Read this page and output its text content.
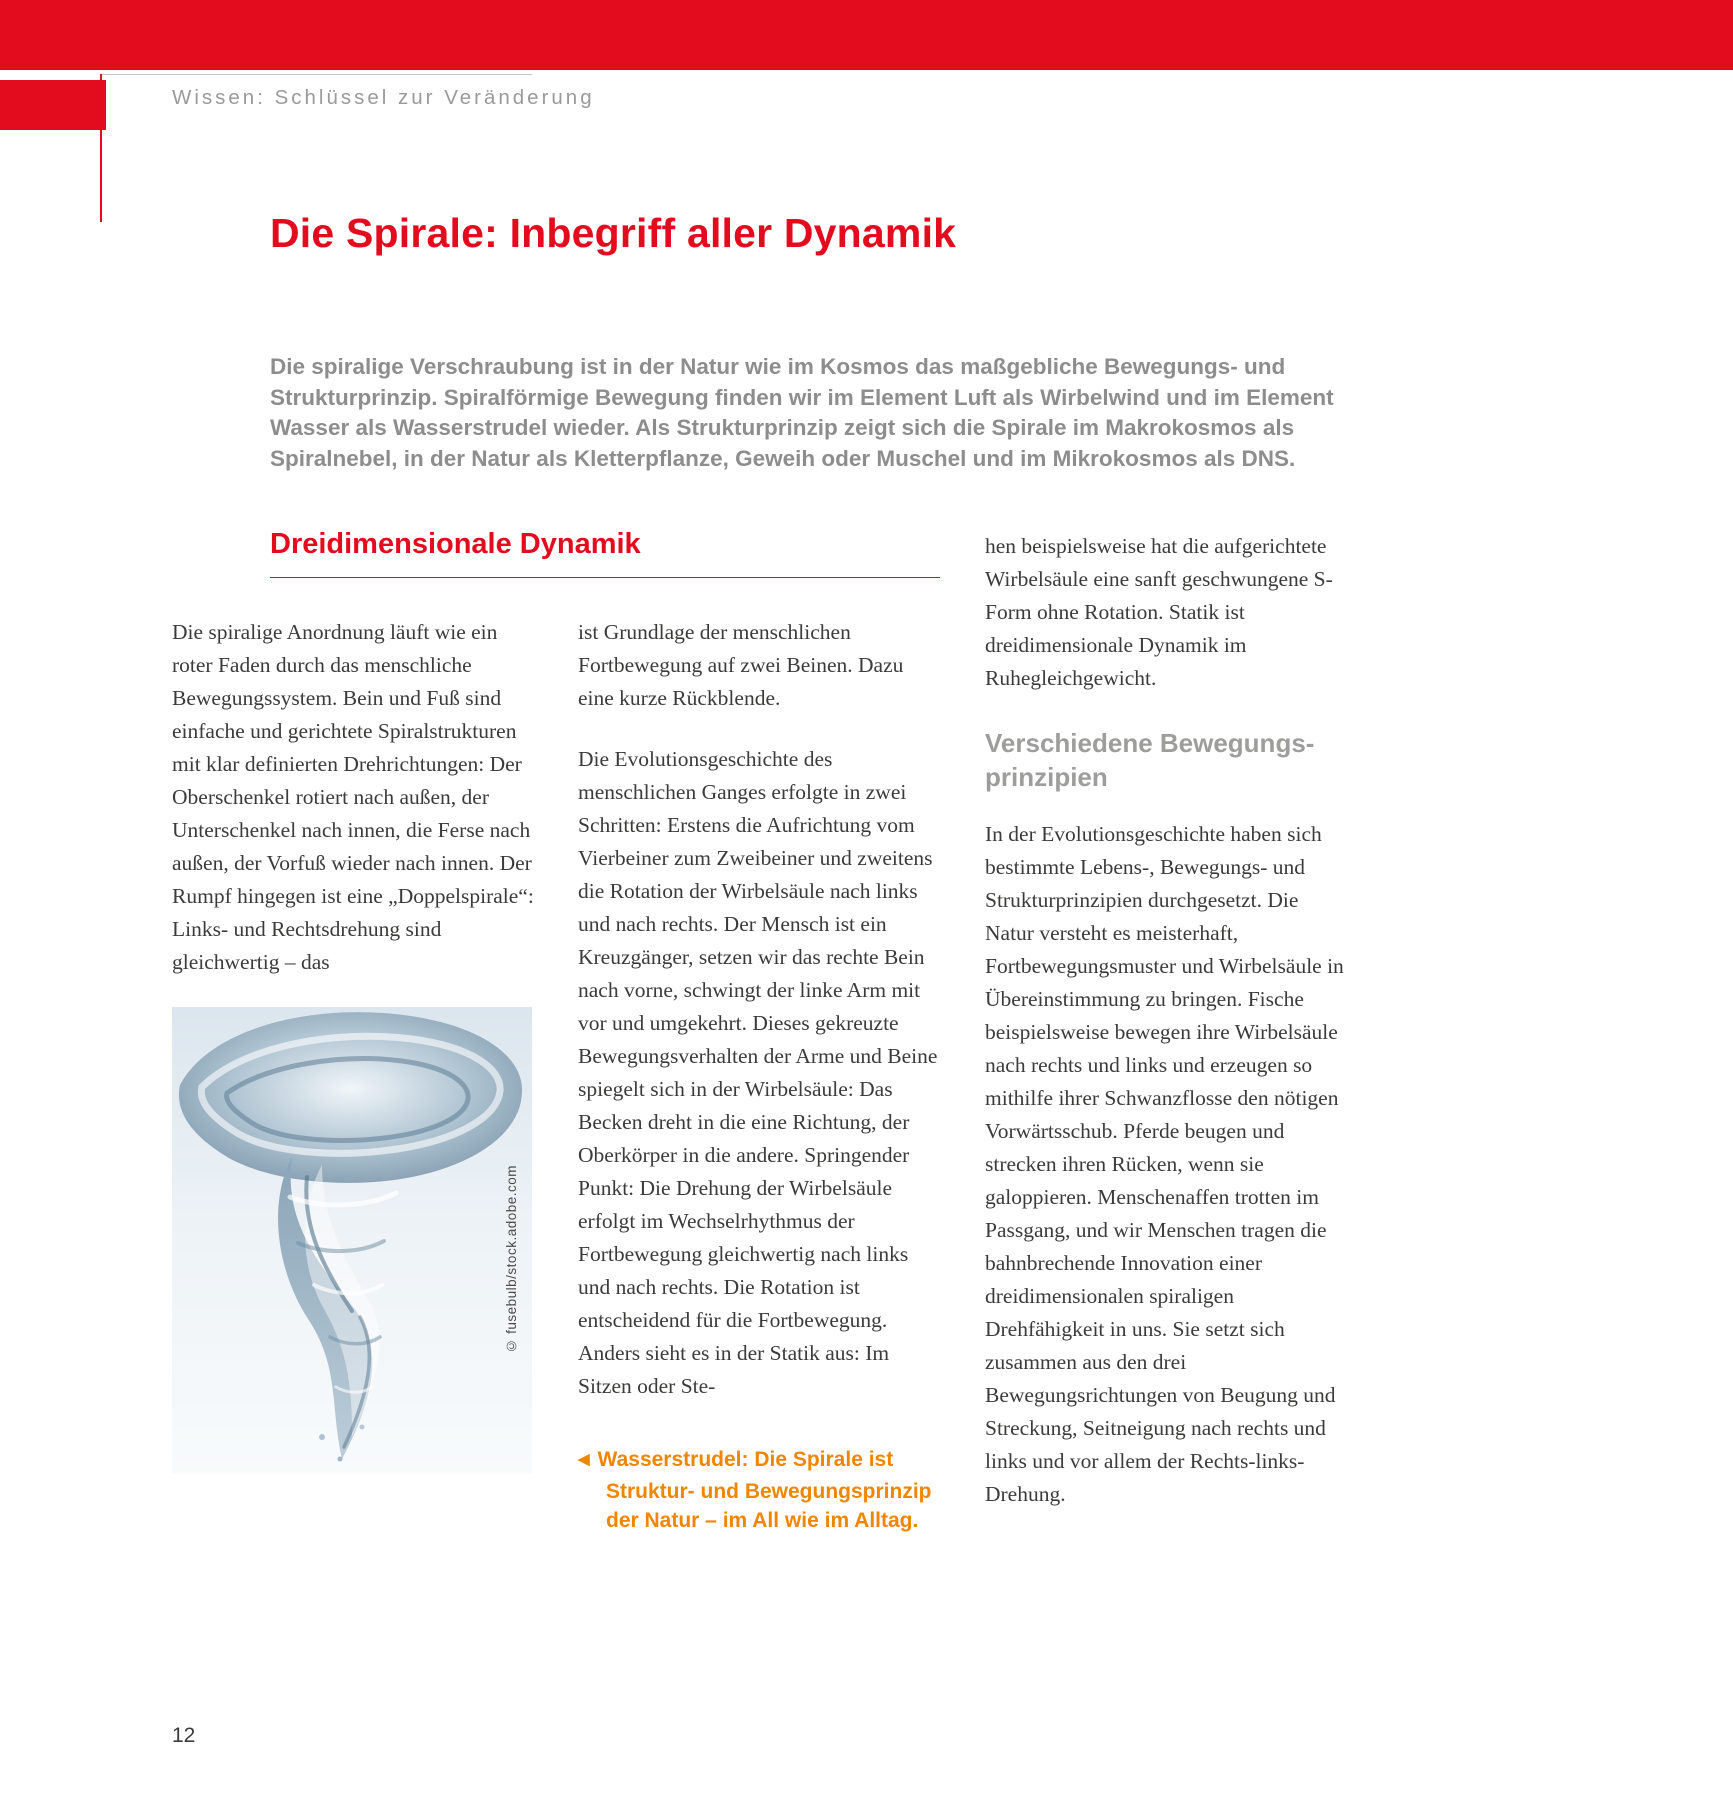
Wissen: Schlüssel zur Veränderung
Die Spirale: Inbegriff aller Dynamik

Die spiralige Verschraubung ist in der Natur wie im Kosmos das maßgebliche Bewegungs- und Strukturprinzip. Spiralförmige Bewegung finden wir im Element Luft als Wirbelwind und im Element Wasser als Wasserstrudel wieder. Als Strukturprinzip zeigt sich die Spirale im Makrokosmos als Spiralnebel, in der Natur als Kletterpflanze, Geweih oder Muschel und im Mikrokosmos als DNS.

Dreidimensionale Dynamik

Die spiralige Anordnung läuft wie ein roter Faden durch das menschliche Bewegungssystem. Bein und Fuß sind einfache und gerichtete Spiralstrukturen mit klar definierten Drehrichtungen: Der Oberschenkel rotiert nach außen, der Unterschenkel nach innen, die Ferse nach außen, der Vorfuß wieder nach innen. Der Rumpf hingegen ist eine „Doppelspirale“: Links- und Rechtsdrehung sind gleichwertig – das

© fusebulb/stock.adobe.com

ist Grundlage der menschlichen Fortbewegung auf zwei Beinen. Dazu eine kurze Rückblende.

Die Evolutionsgeschichte des menschlichen Ganges erfolgte in zwei Schritten: Erstens die Aufrichtung vom Vierbeiner zum Zweibeiner und zweitens die Rotation der Wirbelsäule nach links und nach rechts. Der Mensch ist ein Kreuzgänger, setzen wir das rechte Bein nach vorne, schwingt der linke Arm mit vor und umgekehrt. Dieses gekreuzte Bewegungsverhalten der Arme und Beine spiegelt sich in der Wirbelsäule: Das Becken dreht in die eine Richtung, der Oberkörper in die andere. Springender Punkt: Die Drehung der Wirbelsäule erfolgt im Wechselrhythmus der Fortbewegung gleichwertig nach links und nach rechts. Die Rotation ist entscheidend für die Fortbewegung. Anders sieht es in der Statik aus: Im Sitzen oder Ste-

◀ Wasserstrudel: Die Spirale ist Struktur- und Bewegungsprinzip der Natur – im All wie im Alltag.

hen beispielsweise hat die aufgerichtete Wirbelsäule eine sanft geschwungene S-Form ohne Rotation. Statik ist dreidimensionale Dynamik im Ruhegleichgewicht.

Verschiedene Bewegungsprinzipien

In der Evolutionsgeschichte haben sich bestimmte Lebens-, Bewegungs- und Strukturprinzipien durchgesetzt. Die Natur versteht es meisterhaft, Fortbewegungsmuster und Wirbelsäule in Übereinstimmung zu bringen. Fische beispielsweise bewegen ihre Wirbelsäule nach rechts und links und erzeugen so mithilfe ihrer Schwanzflosse den nötigen Vorwärtsschub. Pferde beugen und strecken ihren Rücken, wenn sie galoppieren. Menschenaffen trotten im Passgang, und wir Menschen tragen die bahnbrechende Innovation einer dreidimensionalen spiraligen Drehfähigkeit in uns. Sie setzt sich zusammen aus den drei Bewegungsrichtungen von Beugung und Streckung, Seitneigung nach rechts und links und vor allem der Rechts-links-Drehung.

12
